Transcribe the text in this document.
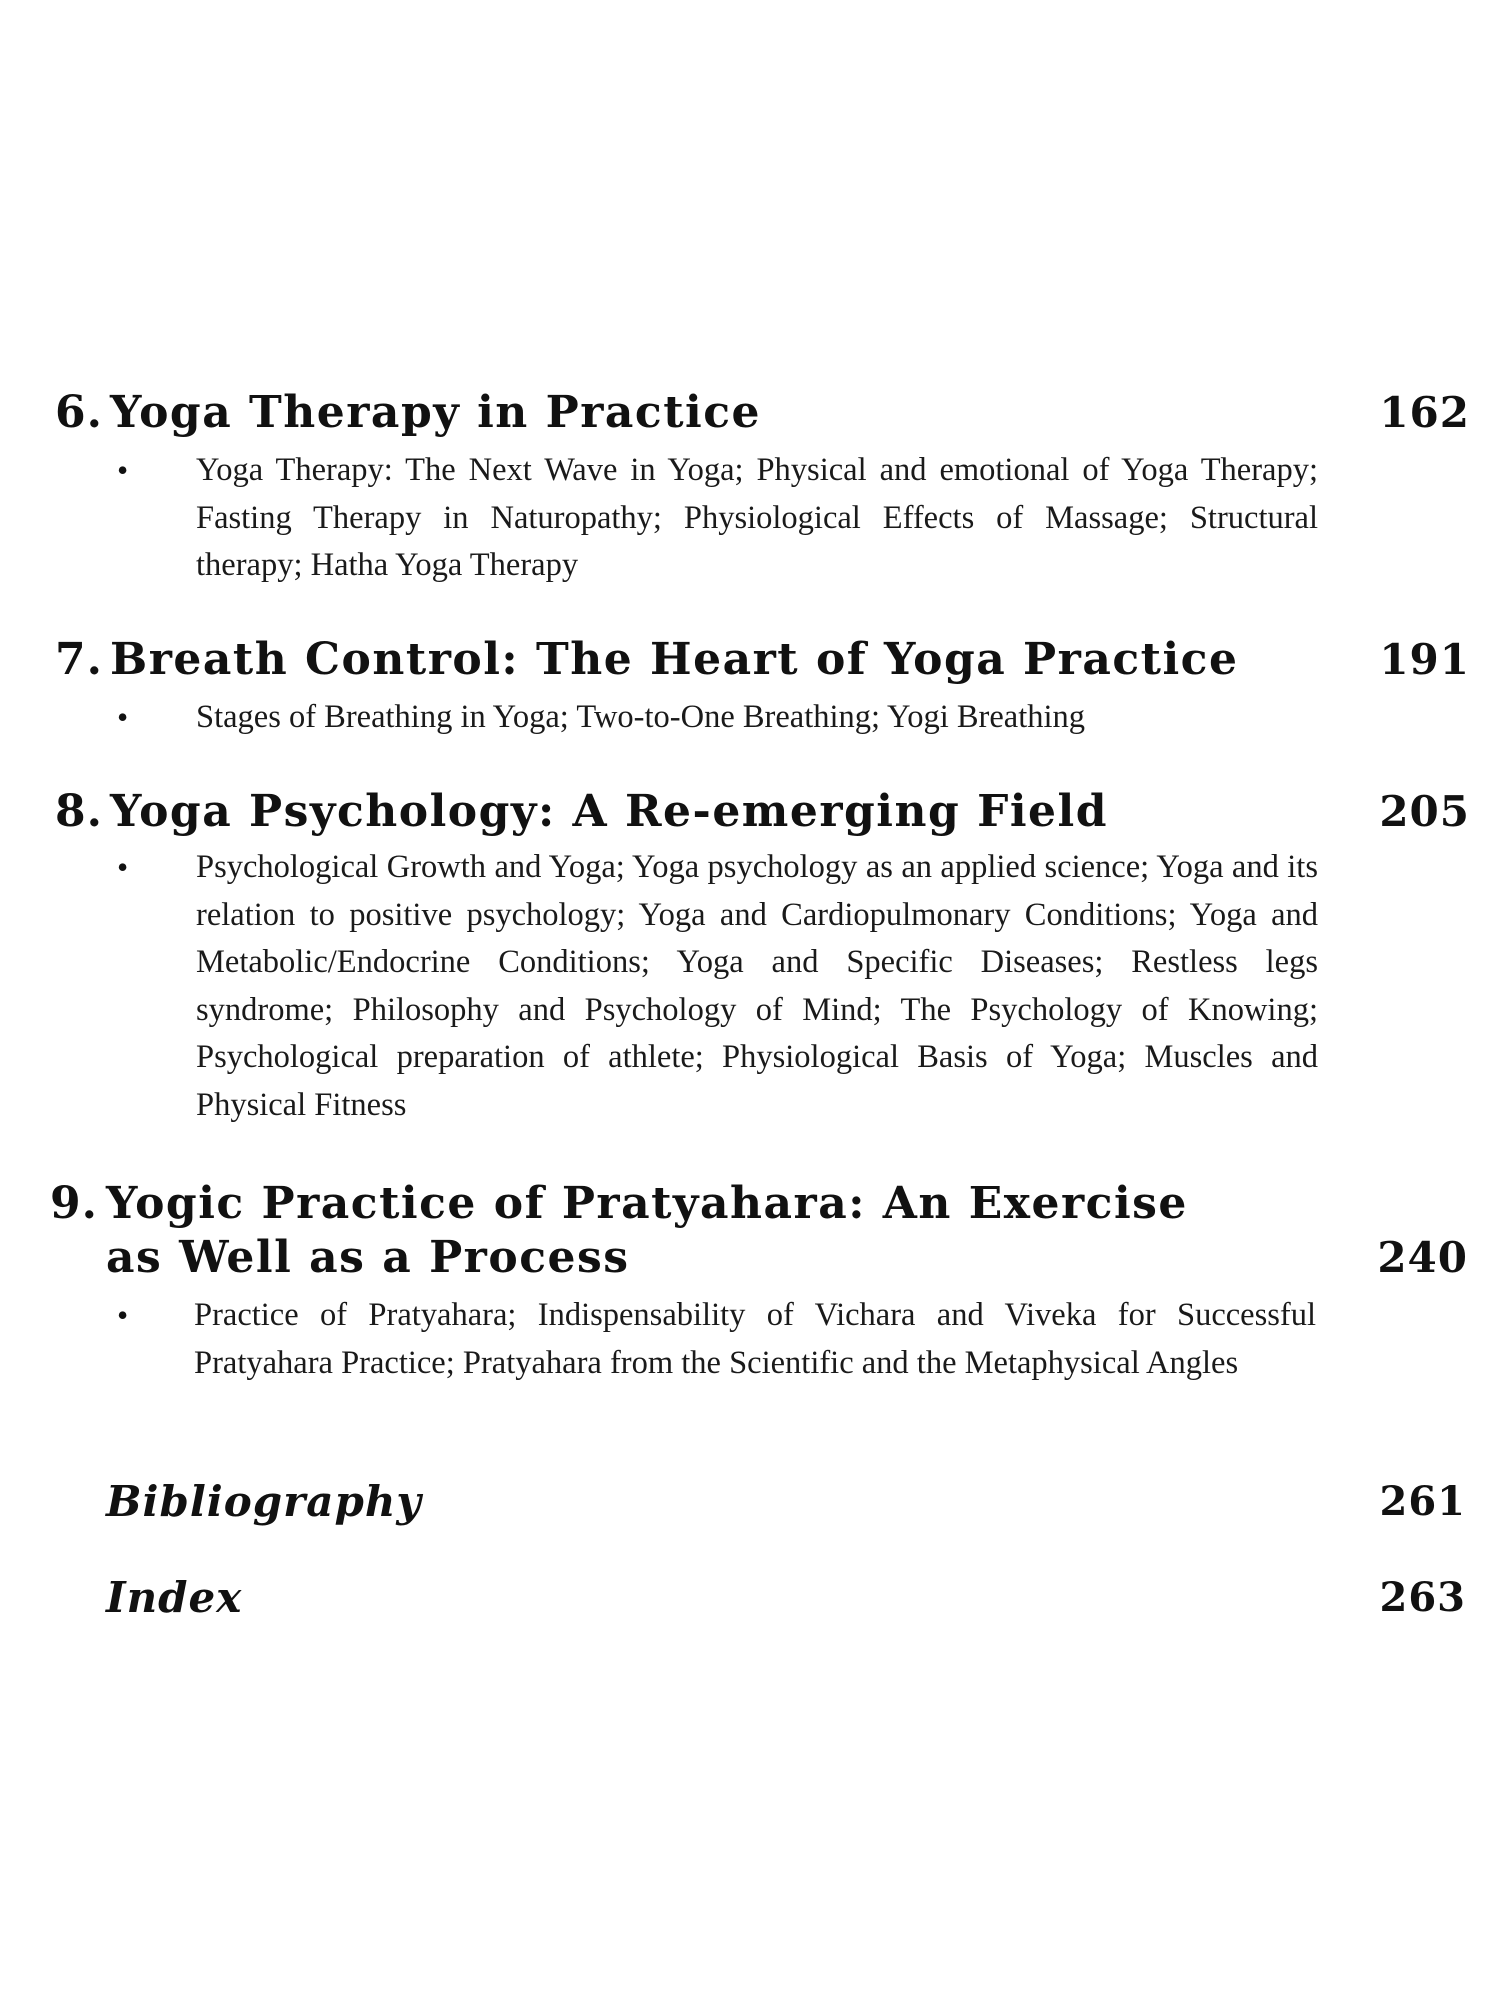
6. Yoga Therapy in Practice	162
• Yoga Therapy: The Next Wave in Yoga; Physical and emotional of Yoga Therapy; Fasting Therapy in Naturopathy; Physiological Effects of Massage; Structural therapy; Hatha Yoga Therapy
7. Breath Control: The Heart of Yoga Practice	191
• Stages of Breathing in Yoga; Two-to-One Breathing; Yogi Breathing
8. Yoga Psychology: A Re-emerging Field	205
• Psychological Growth and Yoga; Yoga psychology as an applied science; Yoga and its relation to positive psychology; Yoga and Cardiopulmonary Conditions; Yoga and Metabolic/Endocrine Conditions; Yoga and Specific Diseases; Restless legs syndrome; Philosophy and Psychology of Mind; The Psychology of Knowing; Psychological preparation of athlete; Physiological Basis of Yoga; Muscles and Physical Fitness
9. Yogic Practice of Pratyahara: An Exercise
as Well as a Process	240
• Practice of Pratyahara; Indispensability of Vichara and Viveka for Successful Pratyahara Practice; Pratyahara from the Scientific and the Metaphysical Angles
Bibliography	261
Index	263
